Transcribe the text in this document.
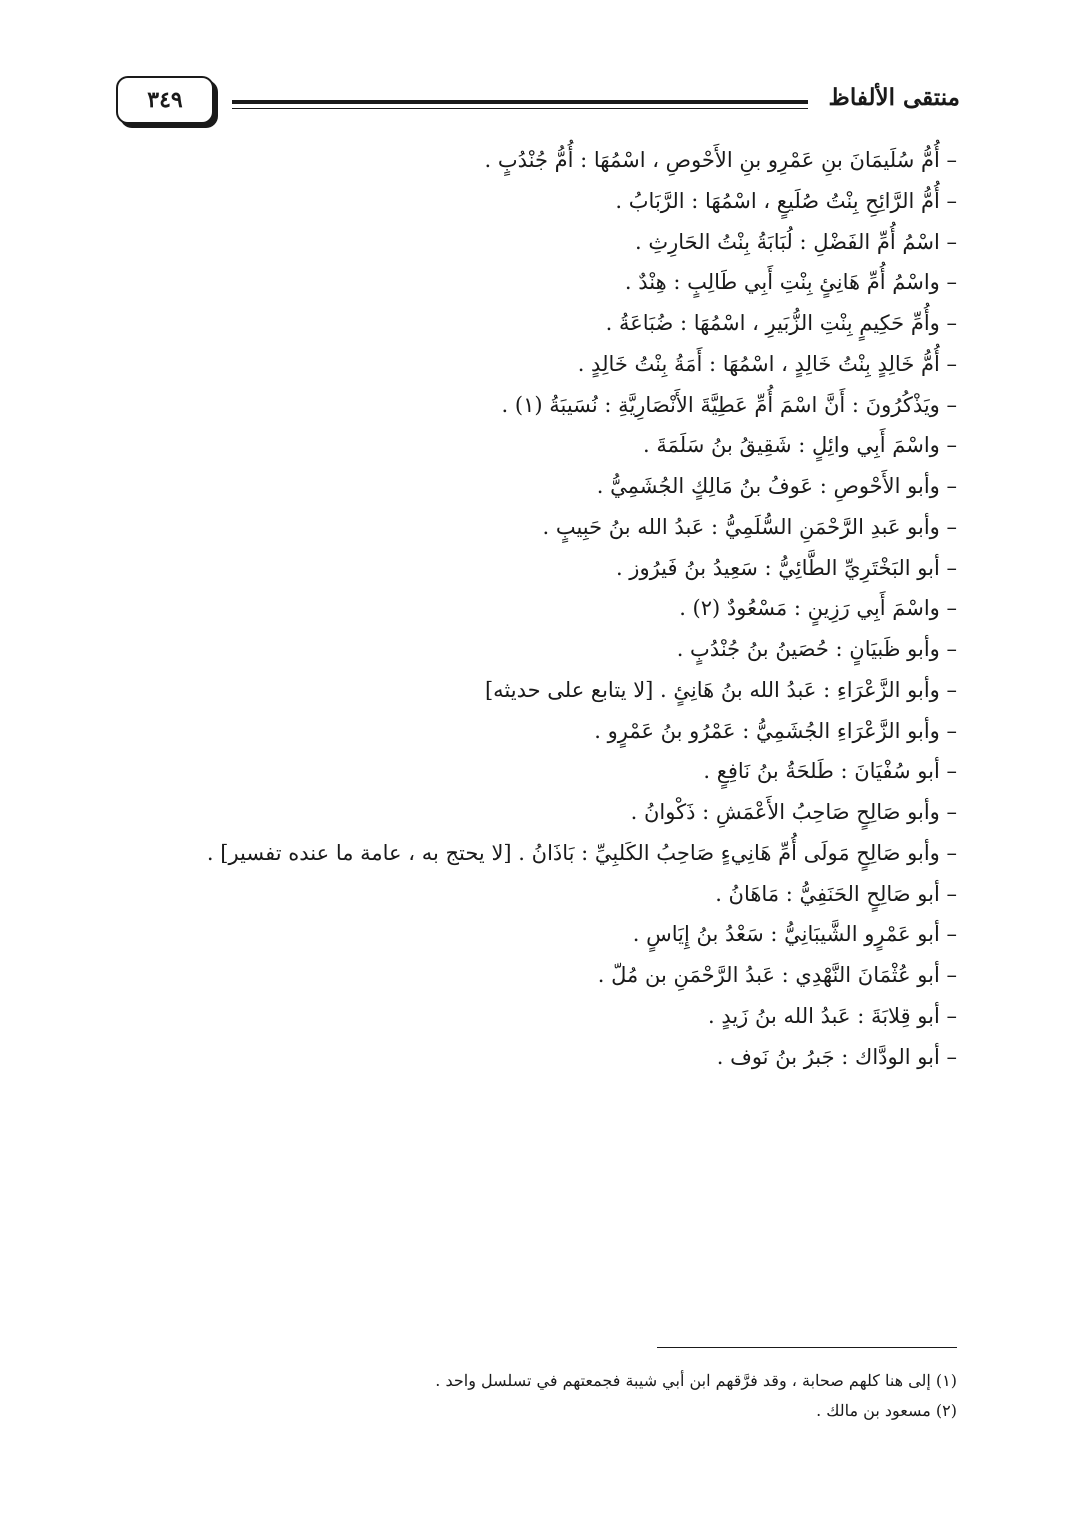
منتقى الألفاظ
٣٤٩
– أُمُّ سُلَيمَانَ بنِ عَمْرِو بنِ الأَحْوصِ ، اسْمُهَا : أُمُّ جُنْدُبٍ .
– أُمُّ الرَّائِحِ بِنْتُ صُلَيعٍ ، اسْمُهَا : الرَّبَابُ .
– اسْمُ أُمِّ الفَضْلِ : لُبَابَةُ بِنْتُ الحَارِثِ .
– واسْمُ أُمِّ هَانِئٍ بِنْتِ أَبِي طَالِبٍ : هِنْدٌ .
– وأُمِّ حَكِيمٍ بِنْتِ الزُّبَيرِ ، اسْمُهَا : ضُبَاعَةُ .
– أُمُّ خَالِدٍ بِنْتُ خَالِدٍ ، اسْمُهَا : أَمَةُ بِنْتُ خَالِدٍ .
– ويَذْكُرُونَ : أَنَّ اسْمَ أُمِّ عَطِيَّةَ الأَنْصَارِيَّةِ : نُسَيبَةُ (١) .
– واسْمَ أَبِي وائِلٍ : شَقِيقُ بنُ سَلَمَةَ .
– وأبو الأَحْوصِ : عَوفُ بنُ مَالِكٍ الجُشَمِيُّ .
– وأبو عَبدِ الرَّحْمَنِ السُّلَمِيُّ : عَبدُ الله بنُ حَبِيبٍ .
– أبو البَخْتَرِيِّ الطَّائِيُّ : سَعِيدُ بنُ فَيرُوز .
– واسْمَ أَبِي رَزِينٍ : مَسْعُودٌ (٢) .
– وأبو ظَبيَانٍ : حُصَينُ بنُ جُنْدُبٍ .
– وأبو الزَّعْرَاءِ : عَبدُ الله بنُ هَانِئٍ . [لا يتابع على حديثه]
– وأبو الزَّعْرَاءِ الجُشَمِيُّ : عَمْرُو بنُ عَمْرٍو .
– أبو سُفْيَانَ : طَلحَةُ بنُ نَافِعٍ .
– وأبو صَالِحٍ صَاحِبُ الأَعْمَشِ : ذَكْوانُ .
– وأبو صَالِحٍ مَولَى أُمِّ هَانِيءٍ صَاحِبُ الكَلبِيِّ : بَاذَانُ . [لا يحتج به ، عامة ما عنده تفسير] .
– أبو صَالِحٍ الحَنَفِيُّ : مَاهَانُ .
– أبو عَمْرٍو الشَّيبَانِيُّ : سَعْدُ بنُ إِيَاسٍ .
– أبو عُثْمَانَ النَّهْدِي : عَبدُ الرَّحْمَنِ بن مُلّ .
– أبو قِلابَةَ : عَبدُ الله بنُ زَيدٍ .
– أبو الودَّاك : جَبرُ بنُ نَوف .
(١) إلى هنا كلهم صحابة ، وقد فرَّقهم ابن أبي شيبة فجمعتهم في تسلسل واحد .
(٢) مسعود بن مالك .
